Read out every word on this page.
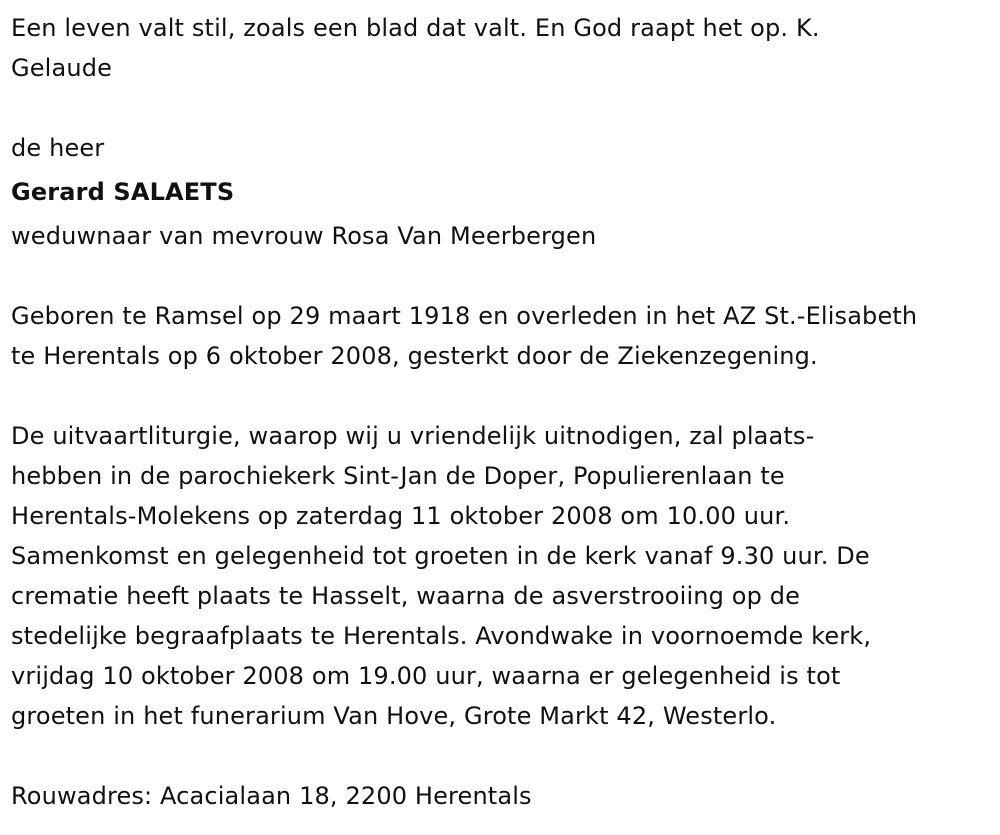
Een leven valt stil, zoals een blad dat valt. En God raapt het op. K.

Gelaude

de heer

Gerard SALAETS

weduwnaar van mevrouw Rosa Van Meerbergen

Geboren te Ramsel op 29 maart 1918 en overleden in het AZ St.-Elisabeth

te Herentals op 6 oktober 2008, gesterkt door de Ziekenzegening.

De uitvaartliturgie, waarop wij u vriendelijk uitnodigen, zal plaats-

hebben in de parochiekerk Sint-Jan de Doper, Populierenlaan te

Herentals-Molekens op zaterdag 11 oktober 2008 om 10.00 uur.

Samenkomst en gelegenheid tot groeten in de kerk vanaf 9.30 uur. De

crematie heeft plaats te Hasselt, waarna de asverstrooiing op de

stedelijke begraafplaats te Herentals. Avondwake in voornoemde kerk,

vrijdag 10 oktober 2008 om 19.00 uur, waarna er gelegenheid is tot

groeten in het funerarium Van Hove, Grote Markt 42, Westerlo.

Rouwadres: Acacialaan 18, 2200 Herentals
